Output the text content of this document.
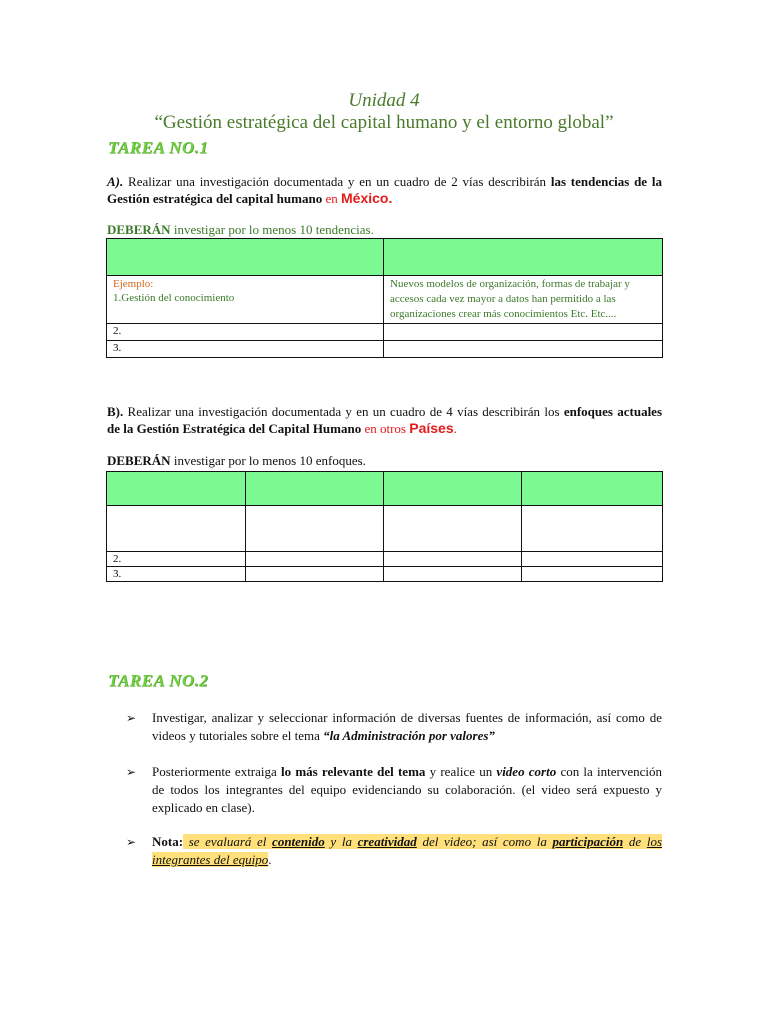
Unidad 4
“Gestión estratégica del capital humano y el entorno global”
TAREA NO.1
A). Realizar una investigación documentada y en un cuadro de 2 vías describirán las tendencias de la Gestión estratégica del capital humano en México.
DEBERÁN investigar por lo menos 10 tendencias.

Ejemplo:
1.Gestión del conocimiento	Nuevos modelos de organización, formas de trabajar y accesos cada vez mayor a datos han permitido a las organizaciones crear más conocimientos Etc. Etc....
2.	
3.	
B). Realizar una investigación documentada y en un cuadro de 4 vías describirán los enfoques actuales de la Gestión Estratégica del Capital Humano en otros Países.
DEBERÁN investigar por lo menos 10 enfoques.

2.			
3.			
TAREA NO.2
➢ Investigar, analizar y seleccionar información de diversas fuentes de información, así como de videos y tutoriales sobre el tema “la Administración por valores”
➢ Posteriormente extraiga lo más relevante del tema y realice un video corto con la intervención de todos los integrantes del equipo evidenciando su colaboración. (el video será expuesto y explicado en clase).
➢ Nota: se evaluará el contenido y la creatividad del video; así como la participación de los integrantes del equipo.
